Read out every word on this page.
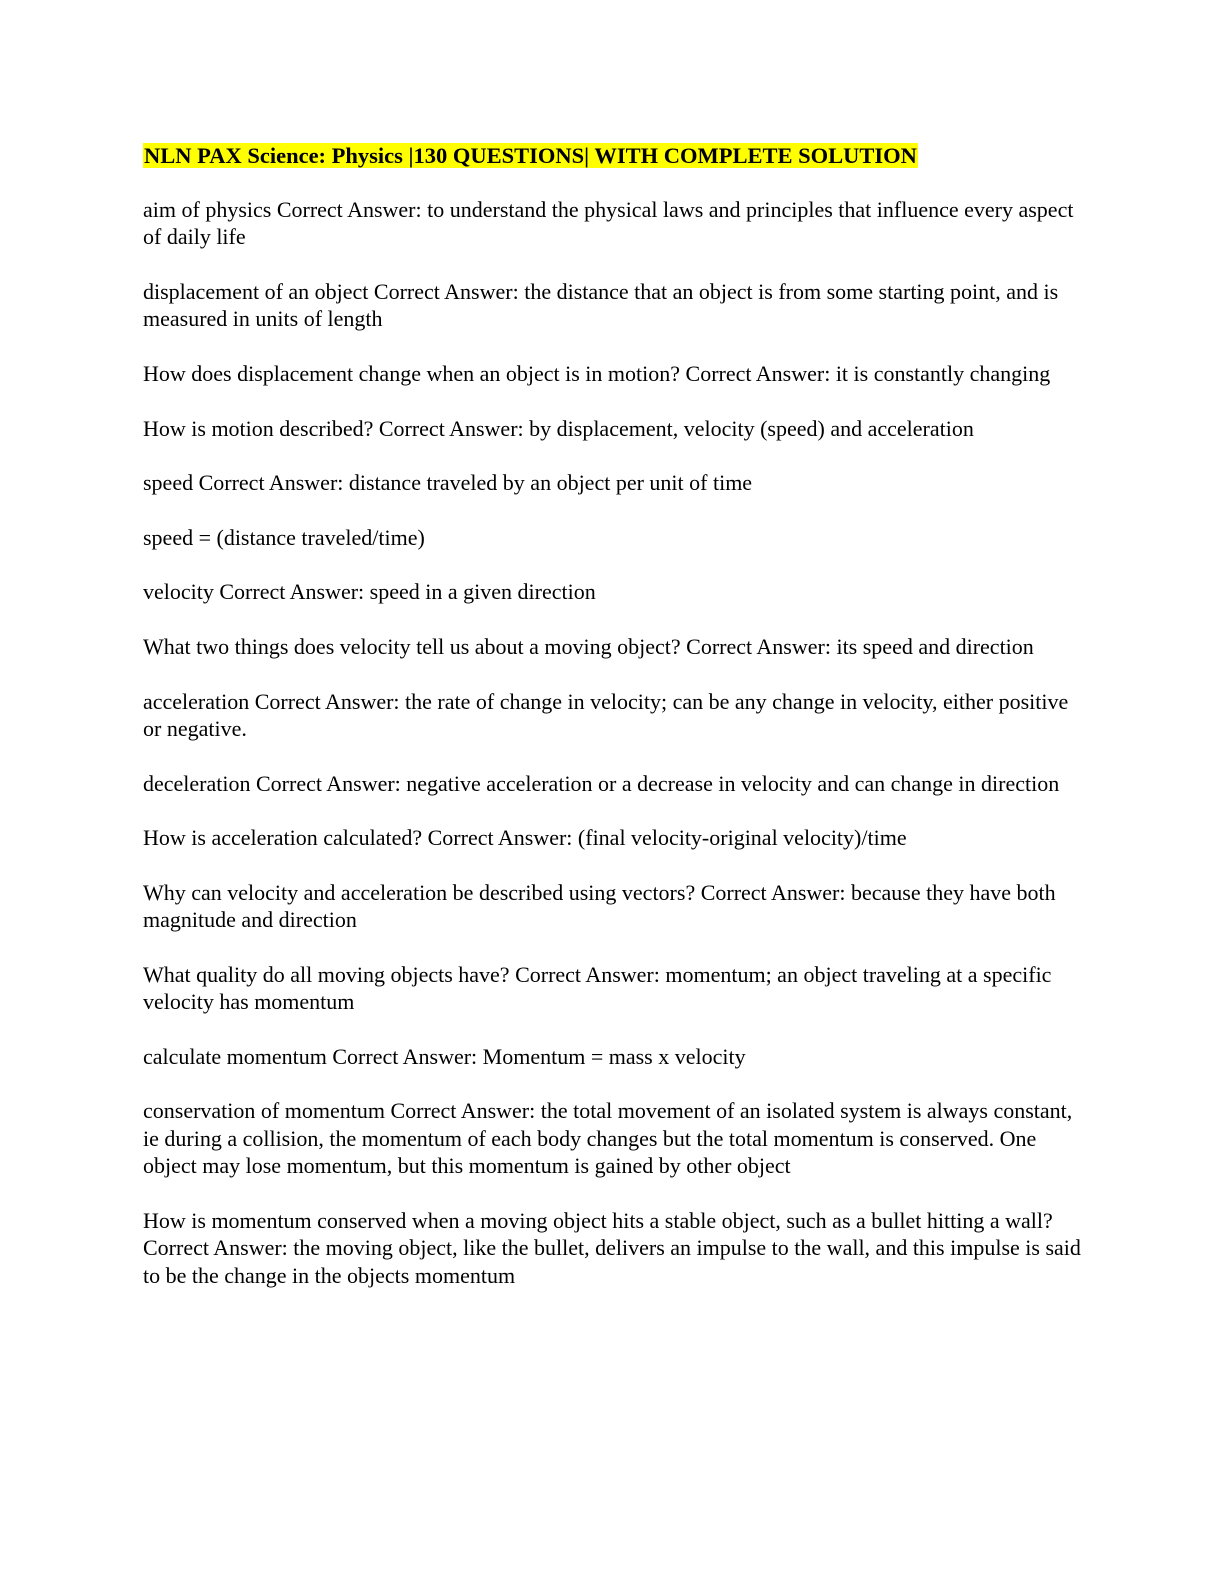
NLN PAX Science: Physics |130 QUESTIONS| WITH COMPLETE SOLUTION

aim of physics Correct Answer: to understand the physical laws and principles that influence every aspect of daily life

displacement of an object Correct Answer: the distance that an object is from some starting point, and is measured in units of length

How does displacement change when an object is in motion? Correct Answer: it is constantly changing

How is motion described? Correct Answer: by displacement, velocity (speed) and acceleration

speed Correct Answer: distance traveled by an object per unit of time

speed = (distance traveled/time)

velocity Correct Answer: speed in a given direction

What two things does velocity tell us about a moving object? Correct Answer: its speed and direction

acceleration Correct Answer: the rate of change in velocity; can be any change in velocity, either positive or negative.

deceleration Correct Answer: negative acceleration or a decrease in velocity and can change in direction

How is acceleration calculated? Correct Answer: (final velocity-original velocity)/time

Why can velocity and acceleration be described using vectors? Correct Answer: because they have both magnitude and direction

What quality do all moving objects have? Correct Answer: momentum; an object traveling at a specific velocity has momentum

calculate momentum Correct Answer: Momentum = mass x velocity

conservation of momentum Correct Answer: the total movement of an isolated system is always constant, ie during a collision, the momentum of each body changes but the total momentum is conserved. One object may lose momentum, but this momentum is gained by other object

How is momentum conserved when a moving object hits a stable object, such as a bullet hitting a wall? Correct Answer: the moving object, like the bullet, delivers an impulse to the wall, and this impulse is said to be the change in the objects momentum
